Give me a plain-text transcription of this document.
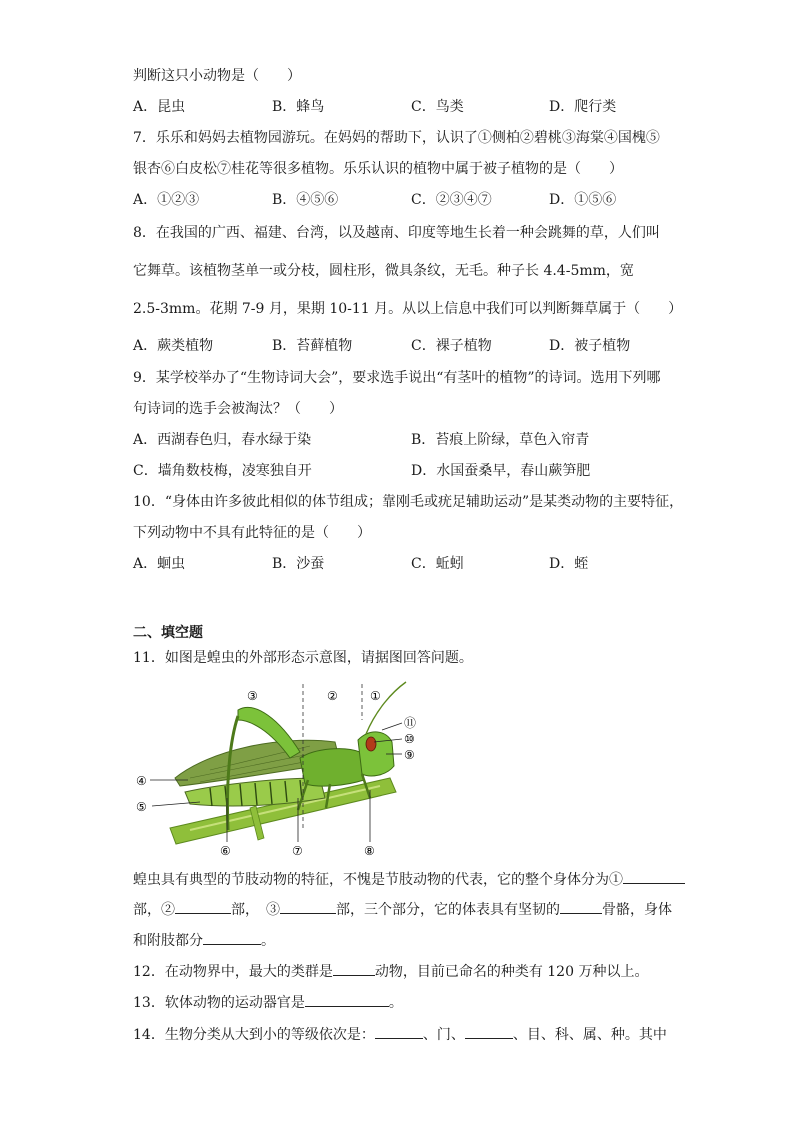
判断这只小动物是（　　）
A．昆虫	B．蜂鸟	C．鸟类	D．爬行类
7．乐乐和妈妈去植物园游玩。在妈妈的帮助下，认识了①侧柏②碧桃③海棠④国槐⑤
银杏⑥白皮松⑦桂花等很多植物。乐乐认识的植物中属于被子植物的是（　　）
A．①②③	B．④⑤⑥	C．②③④⑦	D．①⑤⑥
8．在我国的广西、福建、台湾，以及越南、印度等地生长着一种会跳舞的草，人们叫
它舞草。该植物茎单一或分枝，圆柱形，微具条纹，无毛。种子长 4.4-5mm，宽
2.5-3mm。花期 7-9 月，果期 10-11 月。从以上信息中我们可以判断舞草属于（　　）
A．蕨类植物	B．苔藓植物	C．裸子植物	D．被子植物
9．某学校举办了“生物诗词大会”，要求选手说出“有茎叶的植物”的诗词。选用下列哪
句诗词的选手会被淘汰？（　　）
A．西湖春色归，春水绿于染	B．苔痕上阶绿，草色入帘青
C．墙角数枝梅，凌寒独自开	D．水国蚕桑早，春山蕨笋肥
10．“身体由许多彼此相似的体节组成；靠刚毛或疣足辅助运动”是某类动物的主要特征，
下列动物中不具有此特征的是（　　）
A．蛔虫	B．沙蚕	C．蚯蚓	D．蛭
二、填空题
11．如图是蝗虫的外部形态示意图，请据图回答问题。
③	②	①
⑪
⑩
⑨
④
⑤
⑥	⑦	⑧
蝗虫具有典型的节肢动物的特征，不愧是节肢动物的代表，它的整个身体分为①
部，②	部，　③	部，三个部分，它的体表具有坚韧的	骨骼，身体
和附肢都分	。
12．在动物界中，最大的类群是	动物，目前已命名的种类有 120 万种以上。
13．软体动物的运动器官是	。
14．生物分类从大到小的等级依次是：	、门、	、目、科、属、种。其中
